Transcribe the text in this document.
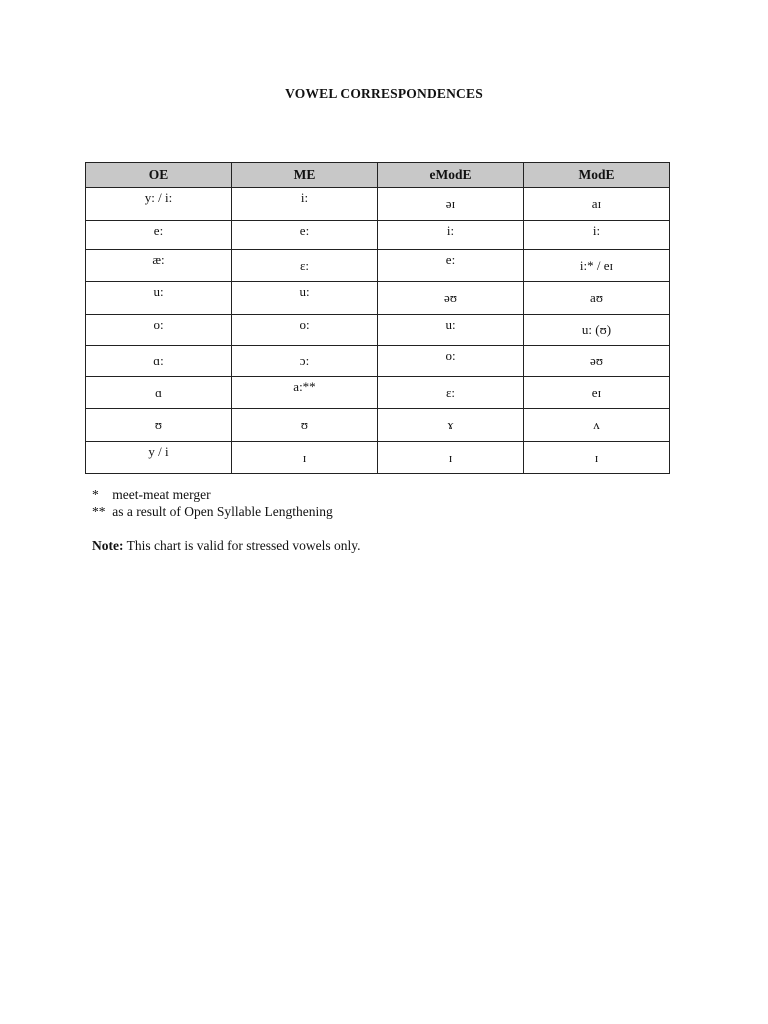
VOWEL CORRESPONDENCES
OE	ME	eModE	ModE
y: / i:	i:	əɪ	aɪ
e:	e:	i:	i:
æ:	ɛ:	e:	i:* / eɪ
u:	u:	əʊ	aʊ
o:	o:	u:	u: (ʊ)
ɑ:	ɔ:	o:	əʊ
ɑ	a:**	ɛ:	eɪ
ʊ	ʊ	ɤ	ʌ
y / i	ɪ	ɪ	ɪ
* meet-meat merger
** as a result of Open Syllable Lengthening
Note: This chart is valid for stressed vowels only.
